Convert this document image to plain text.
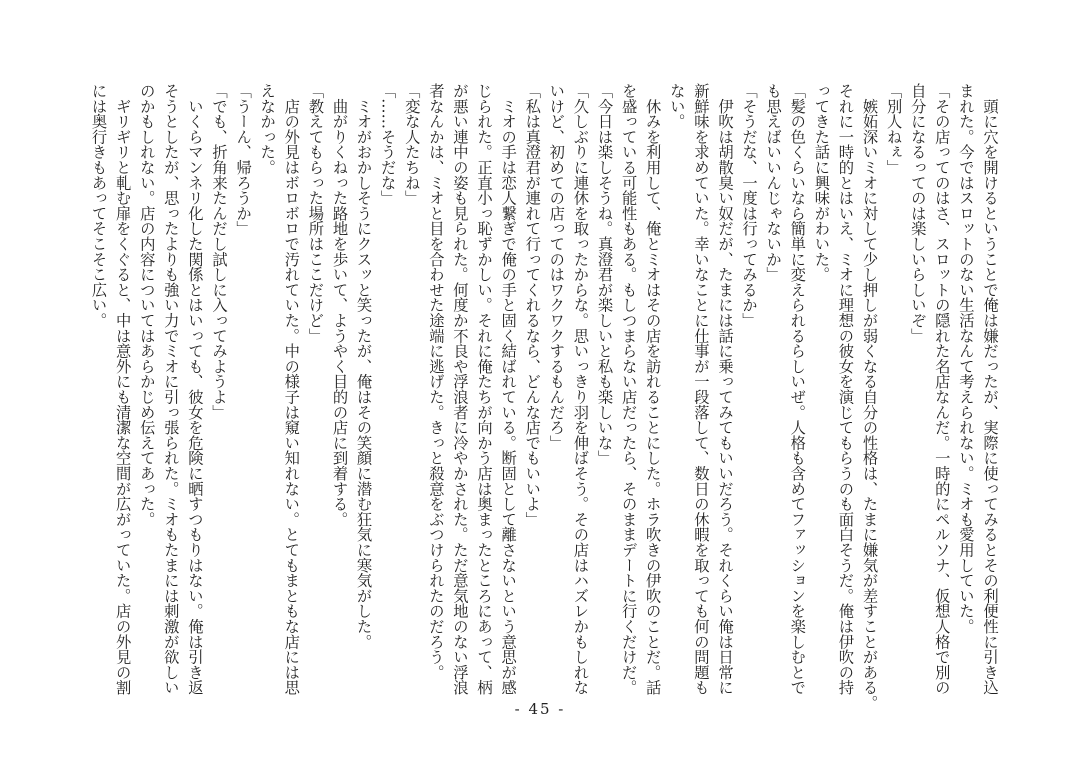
　頭に穴を開けるということで俺は嫌だったが、実際に使ってみるとその利便性に引き込
まれた。今ではスロットのない生活なんて考えられない。ミオも愛用していた。
「その店ってのはさ、スロットの隠れた名店なんだ。一時的にペルソナ、仮想人格で別の
自分になるってのは楽しいらしいぞ」
「別人ねぇ」
　嫉妬深いミオに対して少し押しが弱くなる自分の性格は、たまに嫌気が差すことがある。
それに一時的とはいえ、ミオに理想の彼女を演じてもらうのも面白そうだ。俺は伊吹の持
ってきた話に興味がわいた。
「髪の色くらいなら簡単に変えられるらしいぜ。人格も含めてファッションを楽しむとで
も思えばいいんじゃないか」
「そうだな、一度は行ってみるか」
　伊吹は胡散臭い奴だが、たまには話に乗ってみてもいいだろう。それくらい俺は日常に
新鮮味を求めていた。幸いなことに仕事が一段落して、数日の休暇を取っても何の問題も
ない。
　休みを利用して、俺とミオはその店を訪れることにした。ホラ吹きの伊吹のことだ。話
を盛っている可能性もある。もしつまらない店だったら、そのままデートに行くだけだ。
「今日は楽しそうね。真澄君が楽しいと私も楽しいな」
「久しぶりに連休を取ったからな。思いっきり羽を伸ばそう。その店はハズレかもしれな
いけど、初めての店ってのはワクワクするもんだろ」
「私は真澄君が連れて行ってくれるなら、どんな店でもいいよ」
　ミオの手は恋人繋ぎで俺の手と固く結ばれている。断固として離さないという意思が感
じられた。正直小っ恥ずかしい。それに俺たちが向かう店は奥まったところにあって、柄
が悪い連中の姿も見られた。何度か不良や浮浪者に冷やかされた。ただ意気地のない浮浪
者なんかは、ミオと目を合わせた途端に逃げた。きっと殺意をぶつけられたのだろう。
「変な人たちね」
「……そうだな」
　ミオがおかしそうにクスッと笑ったが、俺はその笑顔に潜む狂気に寒気がした。
　曲がりくねった路地を歩いて、ようやく目的の店に到着する。
「教えてもらった場所はここだけど」
　店の外見はボロボロで汚れていた。中の様子は窺い知れない。とてもまともな店には思
えなかった。
「うーん、帰ろうか」
「でも、折角来たんだし試しに入ってみようよ」
　いくらマンネリ化した関係とはいっても、彼女を危険に晒すつもりはない。俺は引き返
そうとしたが、思ったよりも強い力でミオに引っ張られた。ミオもたまには刺激が欲しい
のかもしれない。店の内容についてはあらかじめ伝えてあった。
　ギリギリと軋む扉をくぐると、中は意外にも清潔な空間が広がっていた。店の外見の割
には奥行きもあってそこそこ広い。
- 45 -
